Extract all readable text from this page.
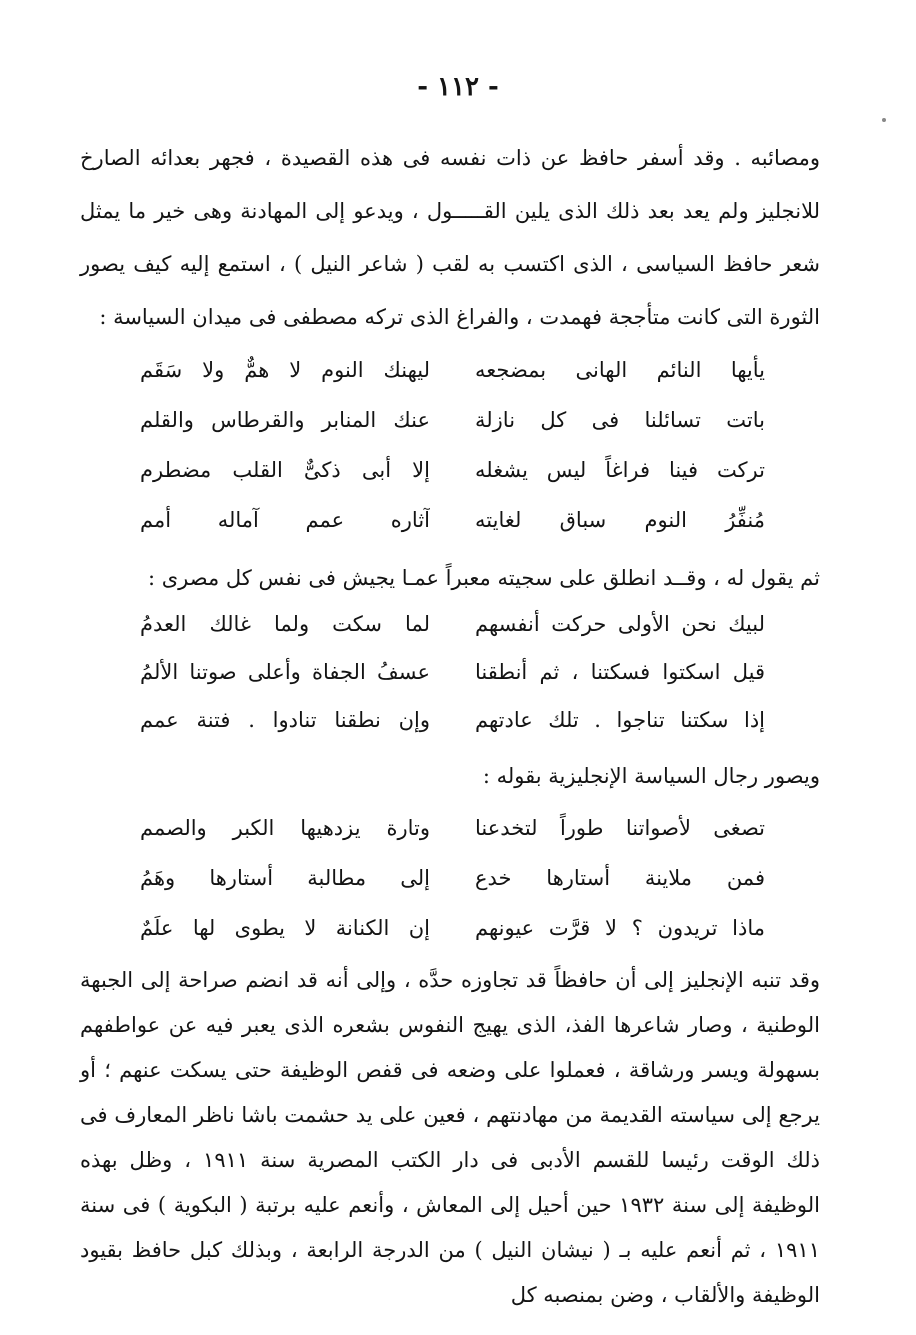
- ١١٢ -

ومصائبه . وقد أسفر حافظ عن ذات نفسه فى هذه القصيدة ، فجهر بعدائه الصارخ للانجليز ولم يعد بعد ذلك الذى يلين القـــــول ، ويدعو إلى المهادنة وهى خير ما يمثل شعر حافظ السياسى ، الذى اكتسب به لقب ( شاعر النيل ) ، استمع إليه كيف يصور الثورة التى كانت متأججة فهمدت ، والفراغ الذى تركه مصطفى فى ميدان السياسة :

يأيها النائم الهانى بمضجعه
ليهنك النوم لا همٌّ ولا سَقَم
باتت تسائلنا فى كل نازلة
عنك المنابر والقرطاس والقلم
تركت فينا فراغاً ليس يشغله
إلا أبى ذكىٌّ القلب مضطرم
مُنفِّرُ النوم سباق لغايته
آثاره عمم آماله أمم

ثم يقول له ، وقــد انطلق على سجيته معبراً عمـا يجيش فى نفس كل مصرى :

لبيك نحن الأولى حركت أنفسهم
لما سكت ولما غالك العدمُ
قيل اسكتوا فسكتنا ، ثم أنطقنا
عسفُ الجفاة وأعلى صوتنا الألمُ
إذا سكتنا تناجوا . تلك عادتهم
وإن نطقنا تنادوا . فتنة عمم

ويصور رجال السياسة الإنجليزية بقوله :

تصغى لأصواتنا طوراً لتخدعنا
وتارة يزدهيها الكبر والصمم
فمن ملاينة أستارها خدع
إلى مطالبة أستارها وهَمُ
ماذا تريدون ؟ لا قرَّت عيونهم
إن الكنانة لا يطوى لها علَمٌ

وقد تنبه الإنجليز إلى أن حافظاً قد تجاوزه حدَّه ، وإلى أنه قد انضم صراحة إلى الجبهة الوطنية ، وصار شاعرها الفذ، الذى يهيج النفوس بشعره الذى يعبر فيه عن عواطفهم بسهولة ويسر ورشاقة ، فعملوا على وضعه فى قفص الوظيفة حتى يسكت عنهم ؛ أو يرجع إلى سياسته القديمة من مهادنتهم ، فعين على يد حشمت باشا ناظر المعارف فى ذلك الوقت رئيسا للقسم الأدبى فى دار الكتب المصرية سنة ١٩١١ ، وظل بهذه الوظيفة إلى سنة ١٩٣٢ حين أحيل إلى المعاش ، وأنعم عليه برتبة ( البكوية ) فى سنة ١٩١١ ، ثم أنعم عليه بـ ( نيشان النيل ) من الدرجة الرابعة ، وبذلك كبل حافظ بقيود الوظيفة والألقاب ، وضن بمنصبه كل
